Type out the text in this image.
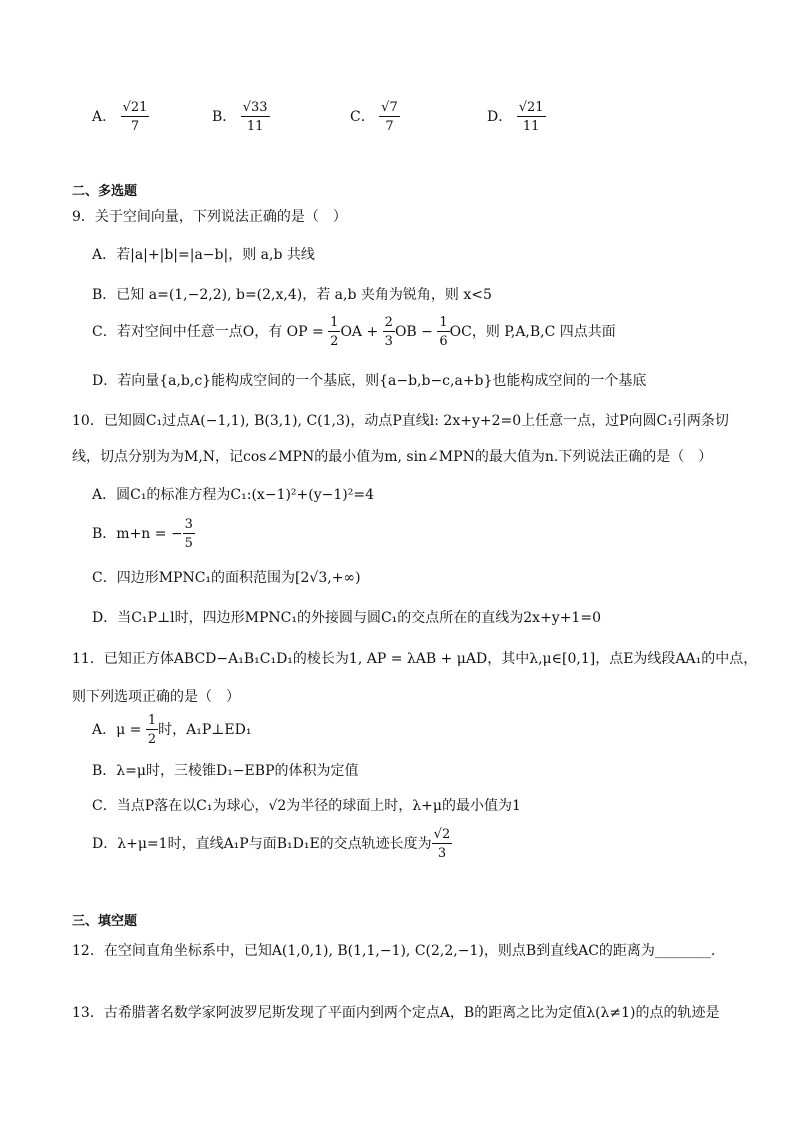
A． $\frac{√21}{7}$	B． $\frac{√33}{11}$	C． $\frac{√7}{7}$	D． $\frac{√21}{11}$
二、多选题
9．关于空间向量，下列说法正确的是（　）
A．若|a|+|b|=|a−b|，则 a,b 共线
B．已知 a=(1,−2,2), b=(2,x,4)，若 a,b 夹角为锐角，则 x<5
C．若对空间中任意一点O，有 OP = $\frac{1}{2}$ OA + $\frac{2}{3}$ OB − $\frac{1}{6}$ OC，则 P,A,B,C 四点共面
D．若向量{a,b,c}能构成空间的一个基底，则{a−b,b−c,a+b}也能构成空间的一个基底
10．已知圆C₁过点A(−1,1), B(3,1), C(1,3)，动点P直线l: 2x+y+2=0上任意一点，过P向圆C₁引两条切
线，切点分别为为M,N，记cos∠MPN的最小值为m, sin∠MPN的最大值为n.下列说法正确的是（　）
A．圆C₁的标准方程为C₁:(x−1)²+(y−1)²=4
B．m+n = − $\frac{3}{5}$
C．四边形MPNC₁的面积范围为[2√3,+∞)
D．当C₁P⊥l时，四边形MPNC₁的外接圆与圆C₁的交点所在的直线为2x+y+1=0
11．已知正方体ABCD−A₁B₁C₁D₁的棱长为1, AP = λAB + μAD，其中λ,μ∈[0,1]，点E为线段AA₁的中点，
则下列选项正确的是（　）
A．$\mu = \frac{1}{2}$ 时，A₁P⊥ED₁
B．λ=μ时，三棱锥D₁−EBP的体积为定值
C．当点P落在以C₁为球心，√2为半径的球面上时，λ+μ的最小值为1
D．λ+μ=1时，直线A₁P与面B₁D₁E的交点轨迹长度为 $\frac{√2}{3}$
三、填空题
12．在空间直角坐标系中，已知A(1,0,1), B(1,1,−1), C(2,2,−1)，则点B到直线AC的距离为________.
13．古希腊著名数学家阿波罗尼斯发现了平面内到两个定点A，B的距离之比为定值λ(λ≠1)的点的轨迹是
